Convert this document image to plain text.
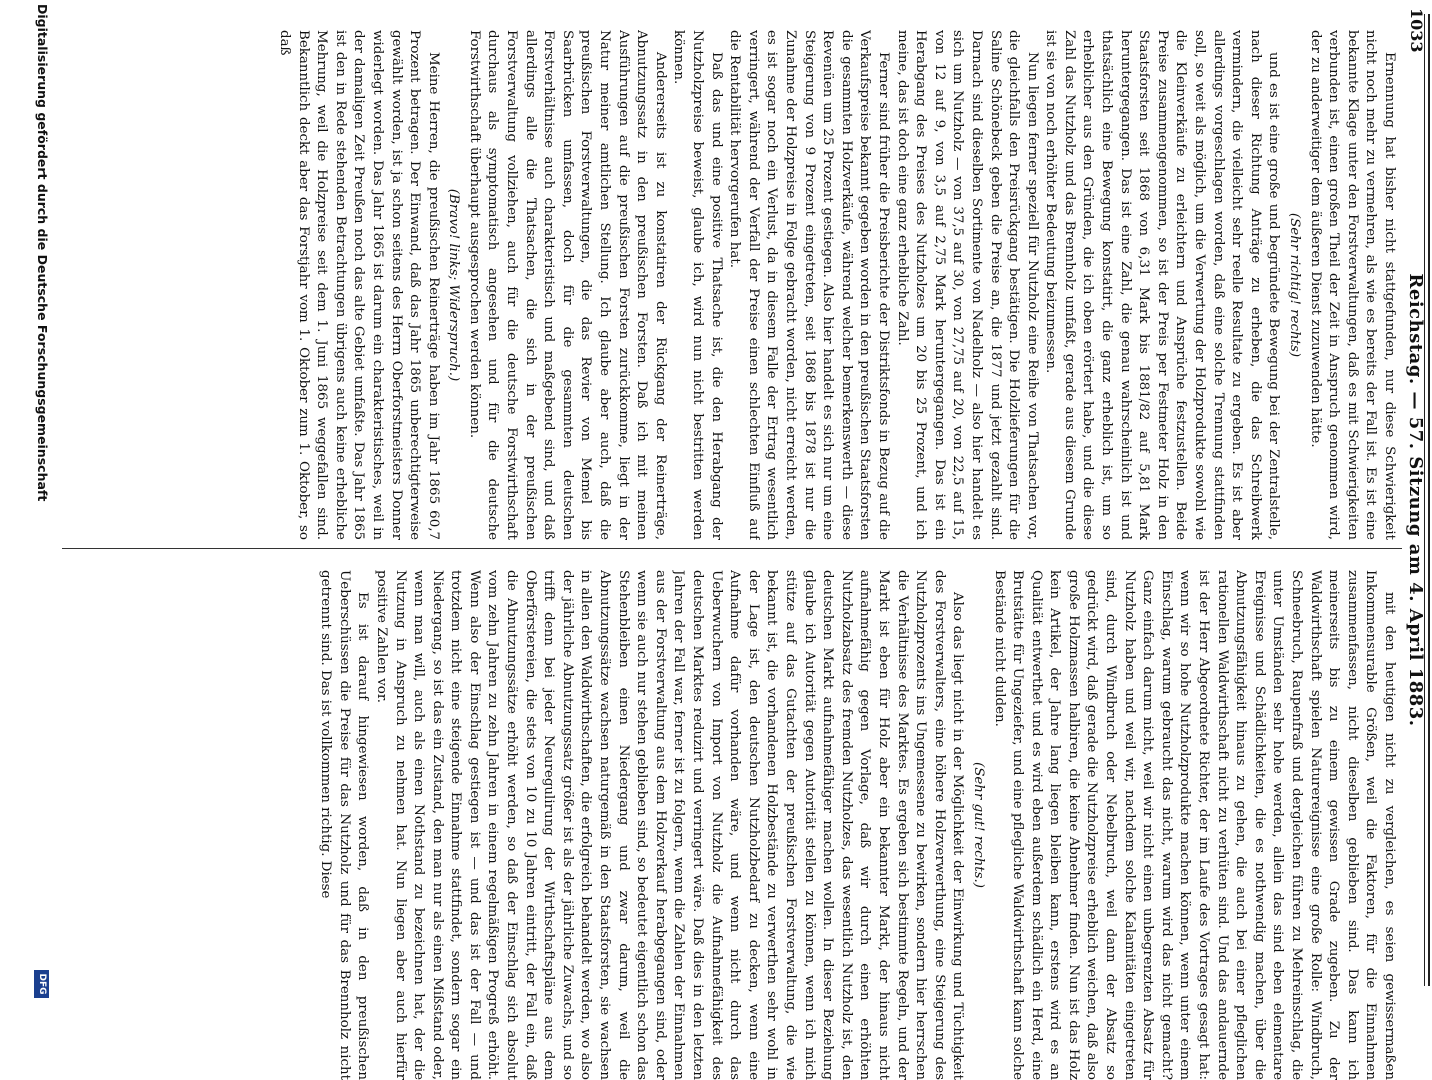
1033
Reichstag. — 57. Sitzung am 4. April 1883.

Ernennung hat bisher nicht stattgefunden, nur diese Schwierigkeit nicht noch mehr zu vermehren, als wie es bereits der Fall ist. Es ist eine bekannte Klage unter den Forstverwaltungen, daß es mit Schwierigkeiten verbunden ist, einen großen Theil der Zeit in Anspruch genommen wird, der zu anderweitiger dem äußeren Dienst zuzuwenden hätte.

(Sehr richtig! rechts)

und es ist eine große und begründete Bewegung bei der Zentralstelle, nach dieser Richtung Anträge zu erheben, die das Schreibwerk vermindern, die vielleicht sehr reelle Resultate zu ergeben. Es ist aber allerdings vorgeschlagen worden, daß eine solche Trennung stattfinden soll, so weit als möglich, um die Verwertung der Holzprodukte sowohl wie die Kleinverkäufe zu erleichtern und Ansprüche festzustellen. Beide Preise zusammengenommen, so ist der Preis per Festmeter Holz in den Staatsforsten seit 1868 von 6,31 Mark bis 1881/82 auf 5,81 Mark heruntergegangen. Das ist eine Zahl, die genau wahrscheinlich ist und thatsächlich eine Bewegung konstatirt, die ganz erheblich ist, um so erheblicher aus den Gründen, die ich oben erörtert habe, und die diese Zahl das Nutzholz und das Brennholz umfaßt, gerade aus diesem Grunde ist sie von noch erhöhter Bedeutung beizumessen.

Nun liegen ferner speziell für Nutzholz eine Reihe von Thatsachen vor, die gleichfalls den Preisrückgang bestätigen. Die Holzlieferungen für die Saline Schönebeck geben die Preise an, die 1877 und jetzt gezahlt sind. Darnach sind dieselben Sortimente von Nadelholz — also hier handelt es sich um Nutzholz — von 37,5 auf 30, von 27,75 auf 20, von 22,5 auf 15, von 12 auf 9, von 3,5 auf 2,75 Mark heruntergegangen. Das ist ein Herabgang des Preises des Nutzholzes um 20 bis 25 Prozent, und ich meine, das ist doch eine ganz erhebliche Zahl.

Ferner sind früher die Preisberichte der Distriktsfonds in Bezug auf die Verkaufspreise bekannt gegeben worden in den preußischen Staatsforsten die gesammten Holzverkäufe, während welcher bemerkenswerth — diese Revenüen um 25 Prozent gestiegen. Also hier handelt es sich nur um eine Steigerung von 9 Prozent eingetreten, seit 1868 bis 1878 ist nur die Zunahme der Holzpreise in Folge gebracht worden, nicht erreicht werden, es ist sogar noch ein Verlust, da in diesem Falle der Ertrag wesentlich verringert, während der Verfall der Preise einen schlechten Einfluß auf die Rentabilität hervorgerufen hat.

Daß das und eine positive Thatsache ist, die den Herabgang der Nutzholzpreise beweist, glaube ich, wird nun nicht bestritten werden können.

Andererseits ist zu konstatiren der Rückgang der Reinerträge, Abnutzungssatz in den preußischen Forsten. Daß ich mit meinen Ausführungen auf die preußischen Forsten zurückkomme, liegt in der Natur meiner amtlichen Stellung. Ich glaube aber auch, daß die preußischen Forstverwaltungen, die das Revier von Memel bis Saarbrücken umfassen, doch für die gesammten deutschen Forstverhältnisse auch charakteristisch und maßgebend sind, und daß allerdings alle die Thatsachen, die sich in der preußischen Forstverwaltung vollziehen, auch für die deutsche Forstwirthschaft durchaus als symptomatisch angesehen und für die deutsche Forstwirthschaft überhaupt ausgesprochen werden können.

(Bravo! links; Widerspruch.)

Meine Herren, die preußischen Reinerträge haben im Jahr 1865 60,7 Prozent betragen. Der Einwand, daß das Jahr 1865 unberechtigterweise gewählt worden, ist ja schon seitens des Herrn Oberforstmeisters Donner widerlegt worden. Das Jahr 1865 ist darum ein charakteristisches, weil in der damaligen Zeit Preußen noch das alte Gebiet umfaßte. Das Jahr 1865 ist den in Rede stehenden Betrachtungen übrigens auch keine erhebliche Mehrung, weil die Holzpreise seit dem 1. Juni 1865 weggefallen sind. Bekanntlich deckt aber das Forstjahr vom 1. Oktober zum 1. Oktober, so daß

mit den heutigen nicht zu vergleichen, es seien gewissermaßen Inkommensurable Größen, weil die Faktoren, für die Einnahmen zusammenfassen, nicht dieselben geblieben sind. Das kann ich meinerseits bis zu einem gewissen Grade zugeben. Zu der Waldwirthschaft spielen Naturereignisse eine große Rolle: Windbruch, Schneebruch, Raupenfraß und dergleichen führen zu Mehreinschlag, die unter Umständen sehr hohe werden, allein das sind eben elementare Ereignisse und Schädlichkeiten, die es nothwendig machen, über die Abnutzungsfähigkeit hinaus zu gehen, die auch bei einer pfleglichen rationellen Waldwirthschaft nicht zu verhüten sind. Und das andauernde ist der Herr Abgeordnete Richter, der im Laufe des Vortrages gesagt hat: wenn wir so hohe Nutzholzprodukte machen können, wenn unter einem Einschlag, warum gebraucht das nicht, warum wird das nicht gemacht? Ganz einfach darum nicht, weil wir nicht einen unbegrenzten Absatz für Nutzholz haben und weil wir, nachdem solche Kalamitäten eingetreten sind, durch Windbruch oder Nebelbruch, weil dann der Absatz so gedrückt wird, daß gerade die Nutzholzpreise erheblich weichen, daß also große Holzmassen halbiren, die keine Abnehmer finden. Nun ist das Holz kein Artikel, der Jahre lang liegen bleiben kann, erstens wird es an Qualität entwerthet und es wird eben außerdem schädlich ein Herd, eine Brutstätte für Ungeziefer, und eine pflegliche Waldwirthschaft kann solche Bestände nicht dulden.

(Sehr gut! rechts.)

Also das liegt nicht in der Möglichkeit der Einwirkung und Tüchtigkeit des Forstverwalters, eine höhere Holzverwerthung, eine Steigerung des Nutzholzprozents ins Ungemessene zu bewirken, sondern hier herrschen die Verhältnisse des Marktes. Es ergeben sich bestimmte Regeln, und der Markt ist eben für Holz aber ein bekannter Markt, der hinaus nicht aufnahmefähig gegen Vorlage, daß wir durch einen erhöhten Nutzholzabsatz des fremden Nutzholzes, das wesentlich Nutzholz ist, den deutschen Markt aufnahmefähiger machen wollen. In dieser Beziehung glaube ich Autorität gegen Autorität stellen zu können, wenn ich mich stütze auf das Gutachten der preußischen Forstverwaltung, die wie bekannt ist, die vorhandenen Holzbestände zu verwerthen sehr wohl in der Lage ist, den deutschen Nutzholzbedarf zu decken, wenn eine Aufnahme dafür vorhanden wäre, und wenn nicht durch das Ueberwuchern von Import von Nutzholz die Aufnahmefähigkeit des deutschen Marktes reduzirt und verringert wäre. Daß dies in den letzten Jahren der Fall war, ferner ist zu folgern, wenn die Zahlen der Einnahmen aus der Forstverwaltung aus dem Holzverkauf herabgegangen sind, oder wenn sie auch nur stehen geblieben sind, so bedeutet eigentlich schon das Stehenbleiben einen Niedergang und zwar darum, weil die Abnutzungssätze wachsen naturgemäß in den Staatsforsten, sie wachsen in allen den Waldwirthschaften, die erfolgreich behandelt werden, wo also der jährliche Abnutzungssatz größer ist als der jährliche Zuwachs, und so trifft denn bei jeder Neuregulirung der Wirthschaftspläne aus dem Oberförstereien, die stets von 10 zu 10 Jahren eintritt, der Fall ein, daß die Abnutzungssätze erhöht werden, so daß der Einschlag sich absolut vom zehn Jahren zu zehn Jahren in einem regelmäßigen Progreß erhöht. Wenn also der Einschlag gestiegen ist — und das ist der Fall — und trotzdem nicht eine steigende Einnahme stattfindet, sondern sogar ein Niedergang, so ist das ein Zustand, den man nur als einen Mißstand oder, wenn man will, auch als einen Nothstand zu bezeichnen hat, der die Nutzung in Anspruch zu nehmen hat. Nun liegen aber auch hierfür positive Zahlen vor.

Es ist darauf hingewiesen worden, daß in den preußischen Ueberschüssen die Preise für das Nutzholz und für das Brennholz nicht getrennt sind. Das ist vollkommen richtig. Diese

Digitalisierung gefördert durch die Deutsche Forschungsgemeinschaft
DFG
